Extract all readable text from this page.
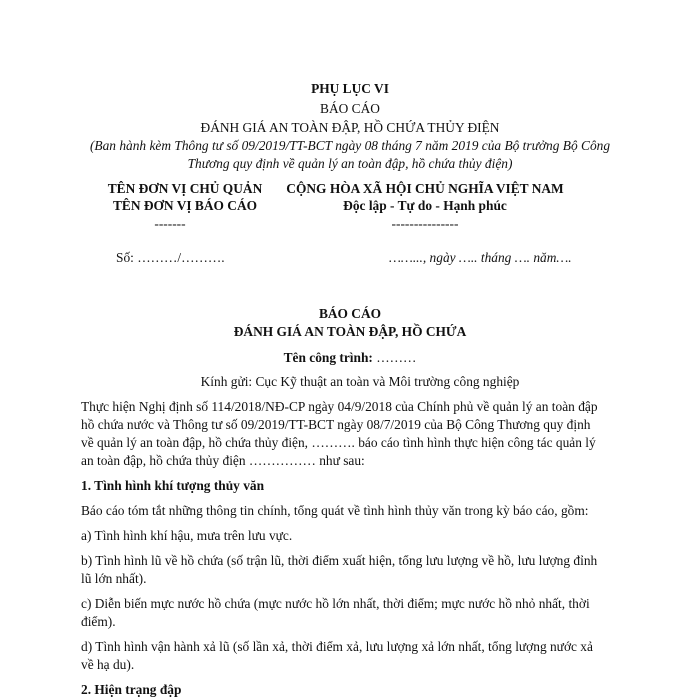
PHỤ LỤC VI
BÁO CÁO
ĐÁNH GIÁ AN TOÀN ĐẬP, HỒ CHỨA THỦY ĐIỆN
(Ban hành kèm Thông tư số 09/2019/TT-BCT ngày 08 tháng 7 năm 2019 của Bộ trưởng Bộ Công
Thương quy định về quản lý an toàn đập, hồ chứa thủy điện)
TÊN ĐƠN VỊ CHỦ QUẢN
TÊN ĐƠN VỊ BÁO CÁO
-------
Số: ………/……….
CỘNG HÒA XÃ HỘI CHỦ NGHĨA VIỆT NAM
Độc lập - Tự do - Hạnh phúc
---------------
……..., ngày ….. tháng …. năm….
BÁO CÁO
ĐÁNH GIÁ AN TOÀN ĐẬP, HỒ CHỨA
Tên công trình: ………
Kính gửi: Cục Kỹ thuật an toàn và Môi trường công nghiệp
Thực hiện Nghị định số 114/2018/NĐ-CP ngày 04/9/2018 của Chính phủ về quản lý an toàn đập
hồ chứa nước và Thông tư số 09/2019/TT-BCT ngày 08/7/2019 của Bộ Công Thương quy định
về quản lý an toàn đập, hồ chứa thủy điện, ………. báo cáo tình hình thực hiện công tác quản lý
an toàn đập, hồ chứa thủy điện …………… như sau:
1. Tình hình khí tượng thủy văn
Báo cáo tóm tắt những thông tin chính, tổng quát về tình hình thủy văn trong kỳ báo cáo, gồm:
a) Tình hình khí hậu, mưa trên lưu vực.
b) Tình hình lũ về hồ chứa (số trận lũ, thời điểm xuất hiện, tổng lưu lượng về hồ, lưu lượng đỉnh
lũ lớn nhất).
c) Diễn biến mực nước hồ chứa (mực nước hồ lớn nhất, thời điểm; mực nước hồ nhỏ nhất, thời
điểm).
d) Tình hình vận hành xả lũ (số lần xả, thời điểm xả, lưu lượng xả lớn nhất, tổng lượng nước xả
về hạ du).
2. Hiện trạng đập
